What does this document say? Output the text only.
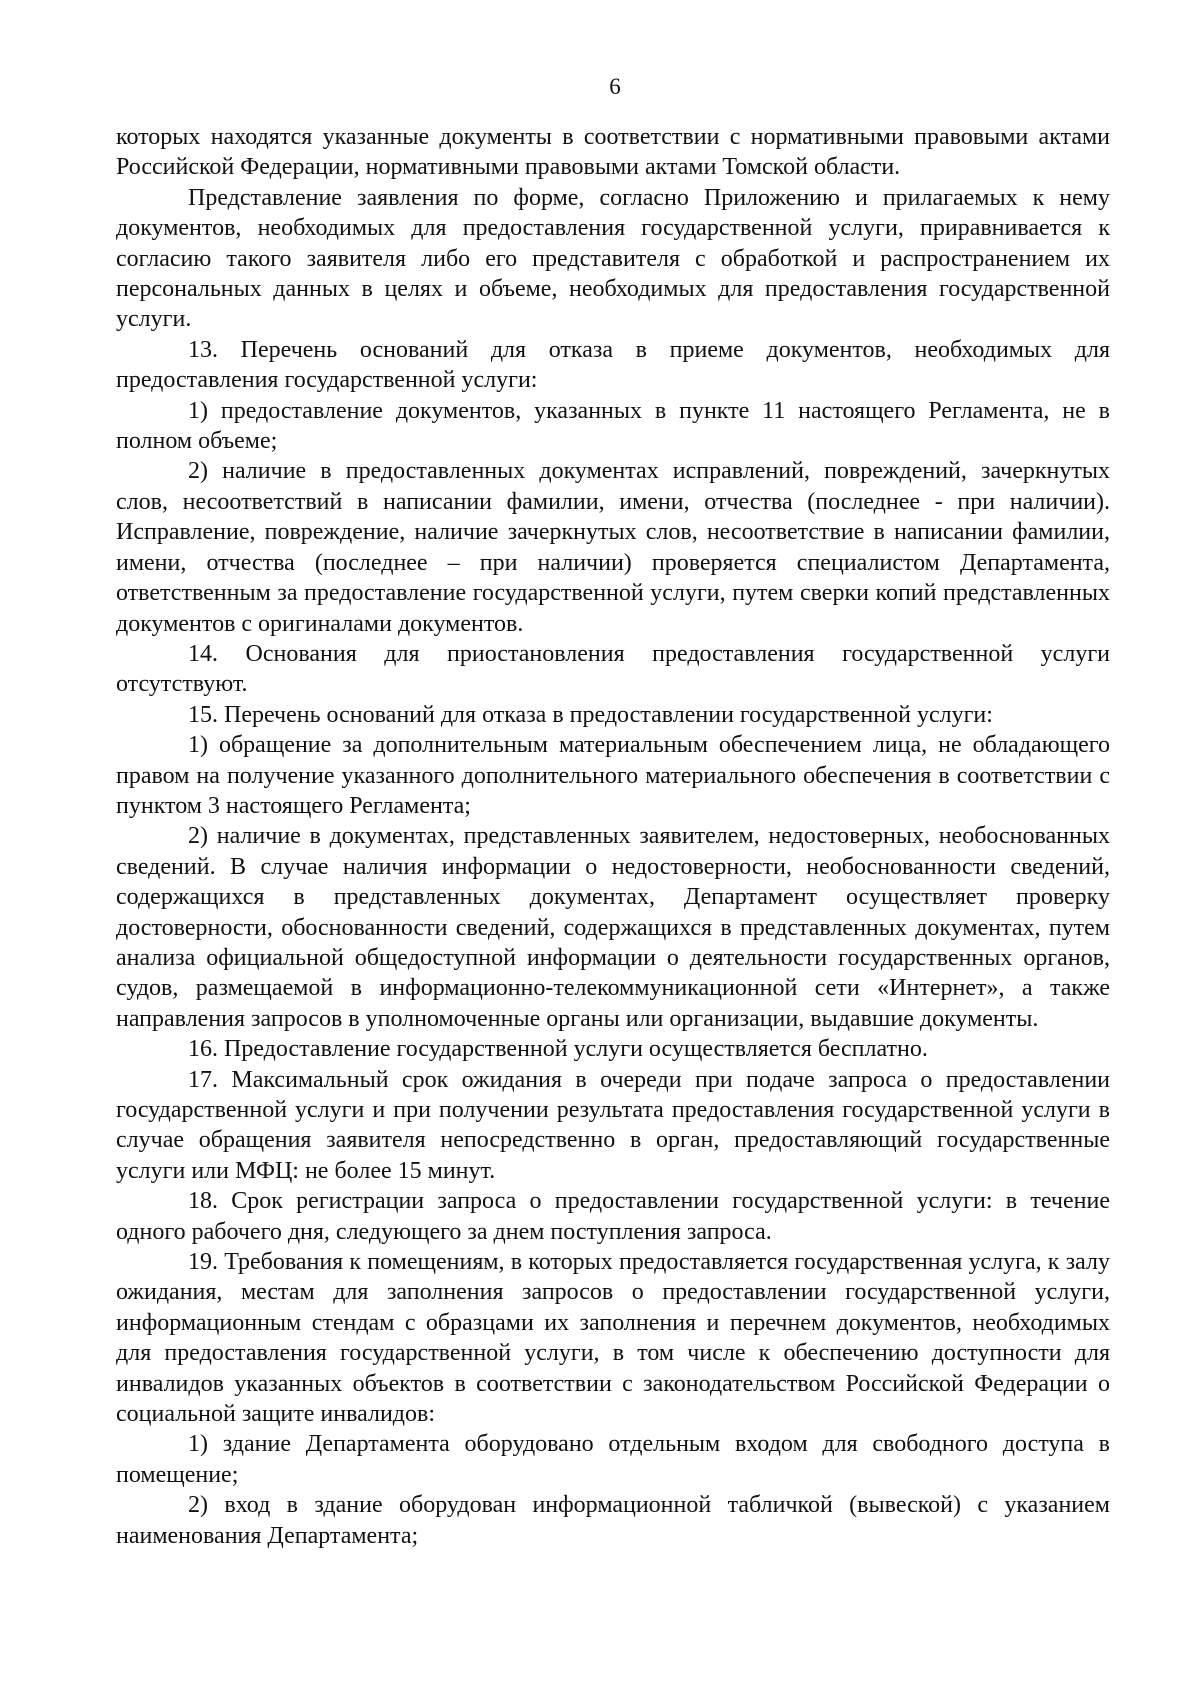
6

которых находятся указанные документы в соответствии с нормативными правовыми актами Российской Федерации, нормативными правовыми актами Томской области.

Представление заявления по форме, согласно Приложению и прилагаемых к нему документов, необходимых для предоставления государственной услуги, приравнивается к согласию такого заявителя либо его представителя с обработкой и распространением их персональных данных в целях и объеме, необходимых для предоставления государственной услуги.

13. Перечень оснований для отказа в приеме документов, необходимых для предоставления государственной услуги:

1) предоставление документов, указанных в пункте 11 настоящего Регламента, не в полном объеме;

2) наличие в предоставленных документах исправлений, повреждений, зачеркнутых слов, несоответствий в написании фамилии, имени, отчества (последнее - при наличии). Исправление, повреждение, наличие зачеркнутых слов, несоответствие в написании фамилии, имени, отчества (последнее – при наличии) проверяется специалистом Департамента, ответственным за предоставление государственной услуги, путем сверки копий представленных документов с оригиналами документов.

14. Основания для приостановления предоставления государственной услуги отсутствуют.

15. Перечень оснований для отказа в предоставлении государственной услуги:

1) обращение за дополнительным материальным обеспечением лица, не обладающего правом на получение указанного дополнительного материального обеспечения в соответствии с пунктом 3 настоящего Регламента;

2) наличие в документах, представленных заявителем, недостоверных, необоснованных сведений. В случае наличия информации о недостоверности, необоснованности сведений, содержащихся в представленных документах, Департамент осуществляет проверку достоверности, обоснованности сведений, содержащихся в представленных документах, путем анализа официальной общедоступной информации о деятельности государственных органов, судов, размещаемой в информационно-телекоммуникационной сети «Интернет», а также направления запросов в уполномоченные органы или организации, выдавшие документы.

16. Предоставление государственной услуги осуществляется бесплатно.

17. Максимальный срок ожидания в очереди при подаче запроса о предоставлении государственной услуги и при получении результата предоставления государственной услуги в случае обращения заявителя непосредственно в орган, предоставляющий государственные услуги или МФЦ: не более 15 минут.

18. Срок регистрации запроса о предоставлении государственной услуги: в течение одного рабочего дня, следующего за днем поступления запроса.

19. Требования к помещениям, в которых предоставляется государственная услуга, к залу ожидания, местам для заполнения запросов о предоставлении государственной услуги, информационным стендам с образцами их заполнения и перечнем документов, необходимых для предоставления государственной услуги, в том числе к обеспечению доступности для инвалидов указанных объектов в соответствии с законодательством Российской Федерации о социальной защите инвалидов:

1) здание Департамента оборудовано отдельным входом для свободного доступа в помещение;

2) вход в здание оборудован информационной табличкой (вывеской) с указанием наименования Департамента;
